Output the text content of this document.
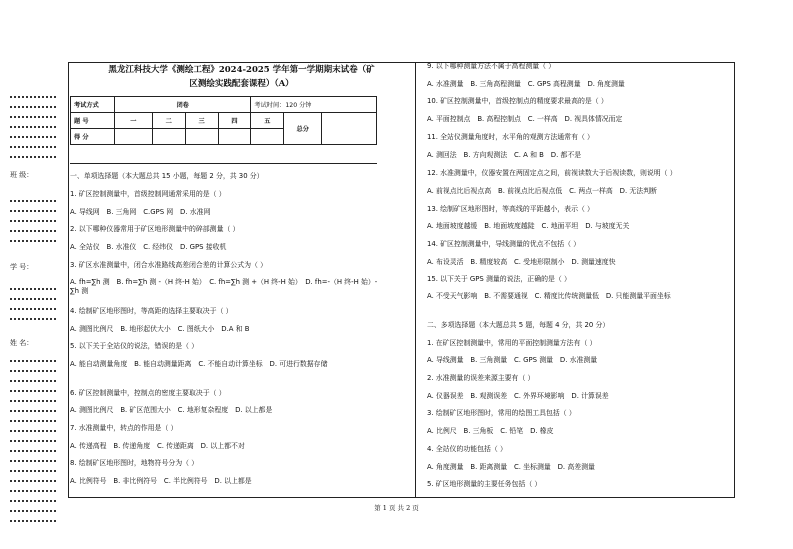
班 级：
学 号：
姓 名：
黑龙江科技大学《测绘工程》2024-2025 学年第一学期期末试卷（矿
区测绘实践配套课程）（A）
考试方式	闭卷				考试时间：120 分钟		
题 号	一	二	三	四	五	总分	
得 分							
一、单项选择题（本大题总共 15 小题，每题 2 分，共 30 分）
1. 矿区控制测量中，首级控制网通常采用的是（ ）
A. 导线网　B. 三角网　C.GPS 网　D. 水准网
2. 以下哪种仪器常用于矿区地形测量中的碎部测量（ ）
A. 全站仪　B. 水准仪　C. 经纬仪　D. GPS 接收机
3. 矿区水准测量中，闭合水准路线高差闭合差的计算公式为（ ）
A. fh=∑h 测　B. fh=∑h 测 -（H 终-H 始）　C. fh=∑h 测 +（H 终-H 始）　D. fh=-（H 终-H 始）-∑h 测
4. 绘制矿区地形图时，等高距的选择主要取决于（ ）
A. 测图比例尺　B. 地形起伏大小　C. 图纸大小　D.A 和 B
5. 以下关于全站仪的说法，错误的是（ ）
A. 能自动测量角度　B. 能自动测量距离　C. 不能自动计算坐标　D. 可进行数据存储
6. 矿区控制测量中，控制点的密度主要取决于（ ）
A. 测图比例尺　B. 矿区范围大小　C. 地形复杂程度　D. 以上都是
7. 水准测量中，转点的作用是（ ）
A. 传递高程　B. 传递角度　C. 传递距离　D. 以上都不对
8. 绘制矿区地形图时，地物符号分为（ ）
A. 比例符号　B. 非比例符号　C. 半比例符号　D. 以上都是
9. 以下哪种测量方法不属于高程测量（ ）
A. 水准测量　B. 三角高程测量　C. GPS 高程测量　D. 角度测量
10. 矿区控制测量中，首级控制点的精度要求最高的是（ ）
A. 平面控制点　B. 高程控制点　C. 一样高　D. 视具体情况而定
11. 全站仪测量角度时，水平角的观测方法通常有（ ）
A. 测回法　B. 方向观测法　C. A 和 B　D. 都不是
12. 水准测量中，仪器安置在两固定点之间，前视读数大于后视读数，则说明（ ）
A. 前视点比后视点高　B. 前视点比后视点低　C. 两点一样高　D. 无法判断
13. 绘制矿区地形图时，等高线的平距越小，表示（ ）
A. 地面坡度越缓　B. 地面坡度越陡　C. 地面平坦　D. 与坡度无关
14. 矿区控制测量中，导线测量的优点不包括（ ）
A. 布设灵活　B. 精度较高　C. 受地形限制小　D. 测量速度快
15. 以下关于 GPS 测量的说法，正确的是（ ）
A. 不受天气影响　B. 不需要通视　C. 精度比传统测量低　D. 只能测量平面坐标
二、多项选择题（本大题总共 5 题，每题 4 分，共 20 分）
1. 在矿区控制测量中，常用的平面控制测量方法有（ ）
A. 导线测量　B. 三角测量　C. GPS 测量　D. 水准测量
2. 水准测量的误差来源主要有（ ）
A. 仪器误差　B. 观测误差　C. 外界环境影响　D. 计算误差
3. 绘制矿区地形图时，常用的绘图工具包括（ ）
A. 比例尺　B. 三角板　C. 铅笔　D. 橡皮
4. 全站仪的功能包括（ ）
A. 角度测量　B. 距离测量　C. 坐标测量　D. 高差测量
5. 矿区地形测量的主要任务包括（ ）
第 1 页 共 2 页
